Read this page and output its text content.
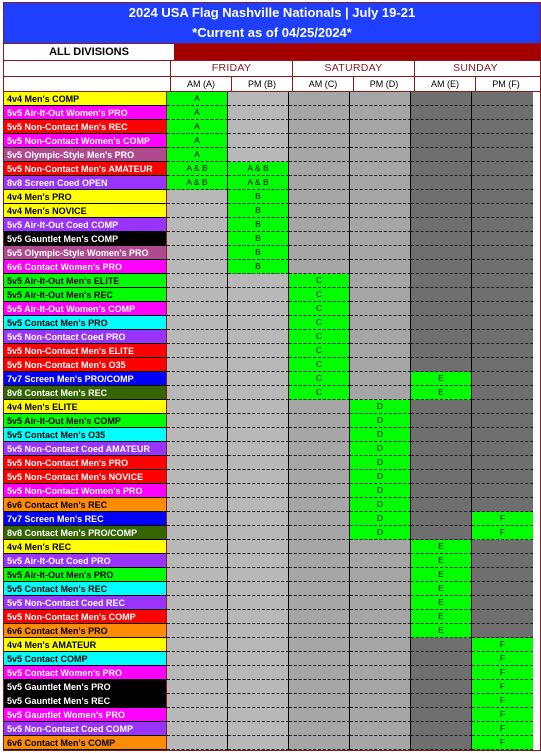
2024 USA Flag Nashville Nationals | July 19-21
*Current as of 04/25/2024*
ALL DIVISIONS
FRIDAY	SATURDAY	SUNDAY
AM (A)	PM (B)	AM (C)	PM (D)	AM (E)	PM (F)
4v4 Men's COMP	A
5v5 Air-It-Out Women's PRO	A
5v5 Non-Contact Men's REC	A
5v5 Non-Contact Women's COMP	A
5v5 Olympic-Style Men's PRO	A
5v5 Non-Contact Men's AMATEUR	A & B	A & B
8v8 Screen Coed OPEN	A & B	A & B
4v4 Men's PRO	B
4v4 Men's NOVICE	B
5v5 Air-It-Out Coed COMP	B
5v5 Gauntlet Men's COMP	B
5v5 Olympic-Style Women's PRO	B
6v6 Contact Women's PRO	B
5v5 Air-It-Out Men's ELITE	C
5v5 Air-It-Out Men's REC	C
5v5 Air-It-Out Women's COMP	C
5v5 Contact Men's PRO	C
5v5 Non-Contact Coed PRO	C
5v5 Non-Contact Men's ELITE	C
5v5 Non-Contact Men's O35	C
7v7 Screen Men's PRO/COMP	C	E
8v8 Contact Men's REC	C	E
4v4 Men's ELITE	D
5v5 Air-It-Out Men's COMP	D
5v5 Contact Men's O35	D
5v5 Non-Contact Coed AMATEUR	D
5v5 Non-Contact Men's PRO	D
5v5 Non-Contact Men's NOVICE	D
5v5 Non-Contact Women's PRO	D
6v6 Contact Men's REC	D
7v7 Screen Men's REC	D	F
8v8 Contact Men's PRO/COMP	D	F
4v4 Men's REC	E
5v5 Air-It-Out Coed PRO	E
5v5 Air-It-Out Men's PRO	E
5v5 Contact Men's REC	E
5v5 Non-Contact Coed REC	E
5v5 Non-Contact Men's COMP	E
6v6 Contact Men's PRO	E
4v4 Men's AMATEUR	F
5v5 Contact COMP	F
5v5 Contact Women's PRO	F
5v5 Gauntlet Men's PRO	F
5v5 Gauntlet Men's REC	F
5v5 Gauntlet Women's PRO	F
5v5 Non-Contact Coed COMP	F
6v6 Contact Men's COMP	F
